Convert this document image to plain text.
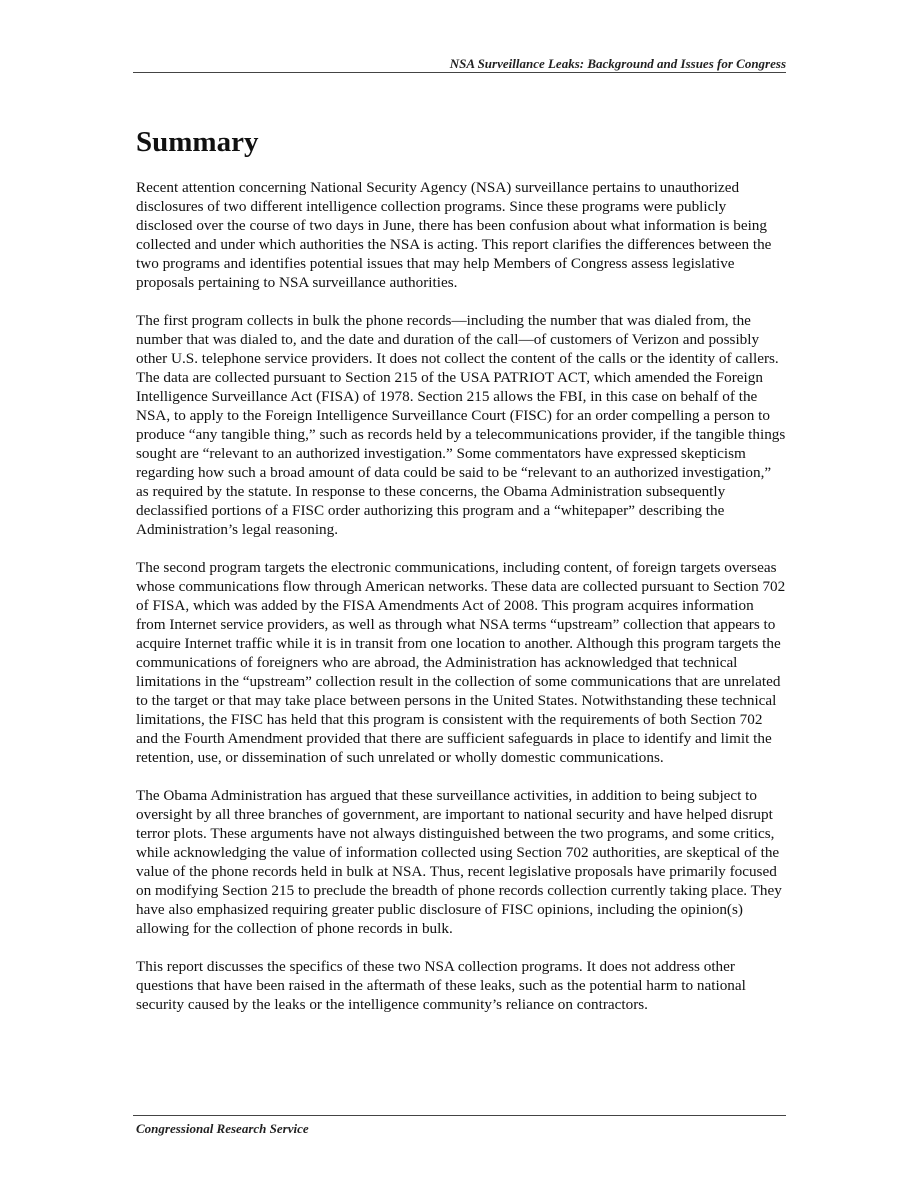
NSA Surveillance Leaks: Background and Issues for Congress
Summary

Recent attention concerning National Security Agency (NSA) surveillance pertains to unauthorized disclosures of two different intelligence collection programs. Since these programs were publicly disclosed over the course of two days in June, there has been confusion about what information is being collected and under which authorities the NSA is acting. This report clarifies the differences between the two programs and identifies potential issues that may help Members of Congress assess legislative proposals pertaining to NSA surveillance authorities.

The first program collects in bulk the phone records—including the number that was dialed from, the number that was dialed to, and the date and duration of the call—of customers of Verizon and possibly other U.S. telephone service providers. It does not collect the content of the calls or the identity of callers. The data are collected pursuant to Section 215 of the USA PATRIOT ACT, which amended the Foreign Intelligence Surveillance Act (FISA) of 1978. Section 215 allows the FBI, in this case on behalf of the NSA, to apply to the Foreign Intelligence Surveillance Court (FISC) for an order compelling a person to produce “any tangible thing,” such as records held by a telecommunications provider, if the tangible things sought are “relevant to an authorized investigation.” Some commentators have expressed skepticism regarding how such a broad amount of data could be said to be “relevant to an authorized investigation,” as required by the statute. In response to these concerns, the Obama Administration subsequently declassified portions of a FISC order authorizing this program and a “whitepaper” describing the Administration’s legal reasoning.

The second program targets the electronic communications, including content, of foreign targets overseas whose communications flow through American networks. These data are collected pursuant to Section 702 of FISA, which was added by the FISA Amendments Act of 2008. This program acquires information from Internet service providers, as well as through what NSA terms “upstream” collection that appears to acquire Internet traffic while it is in transit from one location to another. Although this program targets the communications of foreigners who are abroad, the Administration has acknowledged that technical limitations in the “upstream” collection result in the collection of some communications that are unrelated to the target or that may take place between persons in the United States. Notwithstanding these technical limitations, the FISC has held that this program is consistent with the requirements of both Section 702 and the Fourth Amendment provided that there are sufficient safeguards in place to identify and limit the retention, use, or dissemination of such unrelated or wholly domestic communications.

The Obama Administration has argued that these surveillance activities, in addition to being subject to oversight by all three branches of government, are important to national security and have helped disrupt terror plots. These arguments have not always distinguished between the two programs, and some critics, while acknowledging the value of information collected using Section 702 authorities, are skeptical of the value of the phone records held in bulk at NSA. Thus, recent legislative proposals have primarily focused on modifying Section 215 to preclude the breadth of phone records collection currently taking place. They have also emphasized requiring greater public disclosure of FISC opinions, including the opinion(s) allowing for the collection of phone records in bulk.

This report discusses the specifics of these two NSA collection programs. It does not address other questions that have been raised in the aftermath of these leaks, such as the potential harm to national security caused by the leaks or the intelligence community’s reliance on contractors.

Congressional Research Service
